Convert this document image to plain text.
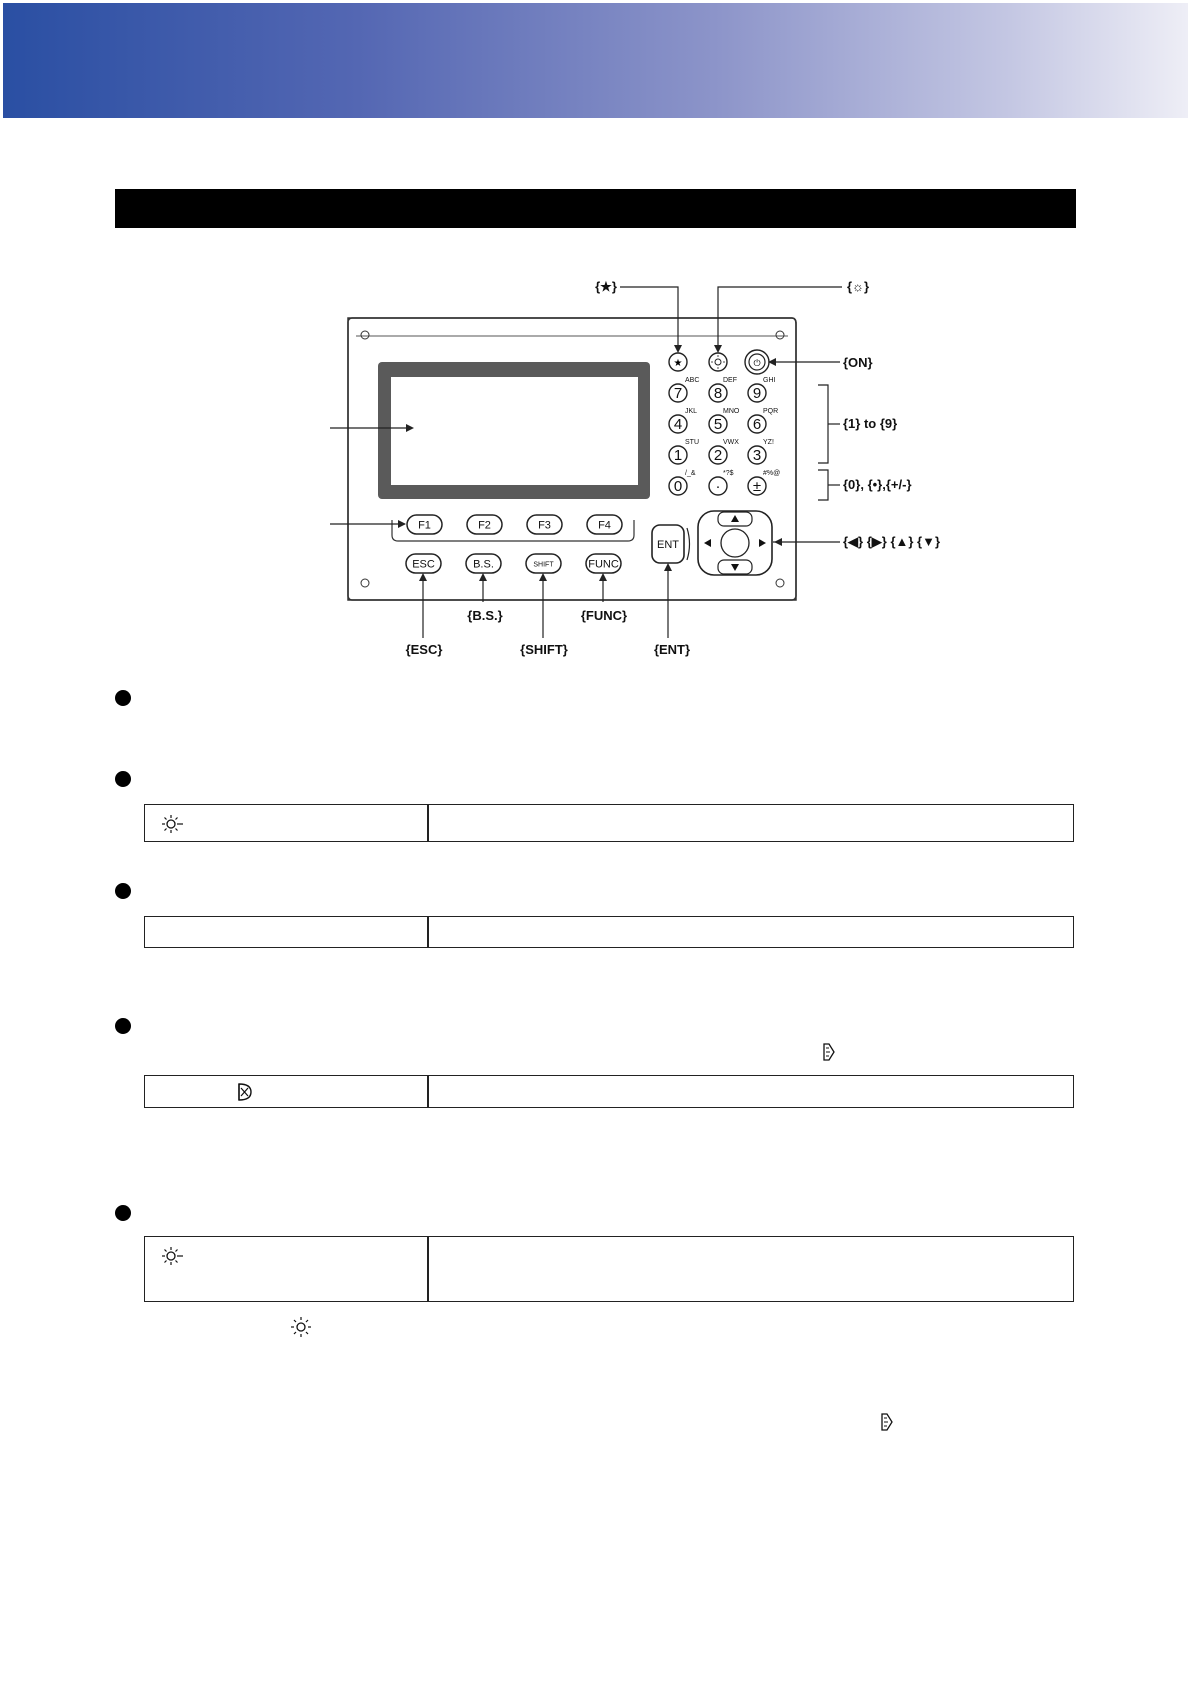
F1	F2	F3	F4
ESC	B.S.	SHIFT	FUNC
ENT
★	⏻
ABC
7
DEF
8
GHI
9
JKL
4
MNO
5
PQR
6
STU
1
VWX
2
YZ!
3
/_&
0
*?$
·
#%@
±
{★}	{☼}
{ON}
{1} to {9}
{0}, {•},{+/-}
{◀} {▶} {▲} {▼}
{B.S.}	{FUNC}
{ESC}	{SHIFT}	{ENT}
